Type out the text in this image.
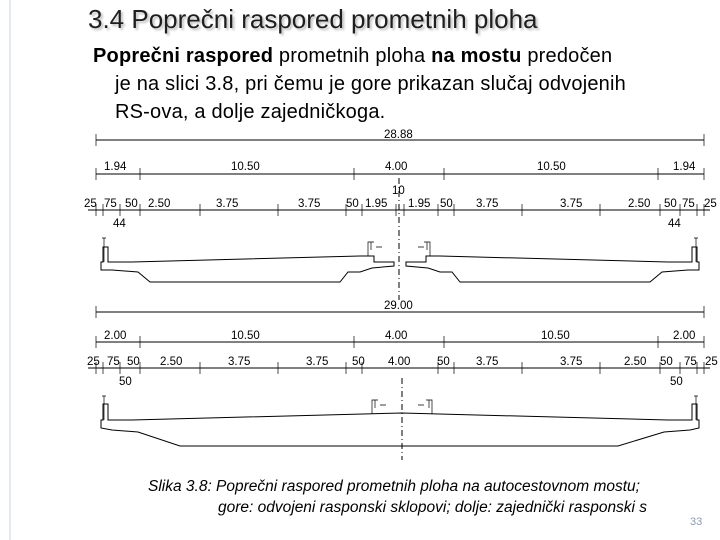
3.4 Poprečni raspored prometnih ploha
Poprečni raspored prometnih ploha na mostu predočen
je na slici 3.8, pri čemu je gore prikazan slučaj odvojenih
RS-ova, a dolje zajedničkoga.
28.88
1.94	10.50	4.00	10.50	1.94
10
25 75 50 2.50	3.75	3.75 50 1.95 1.95 50 3.75	3.75	2.50 50 75 25
44	44
29.00
2.00	10.50	4.00	10.50	2.00
25 75 50 2.50	3.75	3.75 50 4.00 50 3.75	3.75	2.50 50 75 25
50	50
Slika 3.8: Poprečni raspored prometnih ploha na autocestovnom mostu;
gore: odvojeni rasponski sklopovi; dolje: zajednički rasponski s
33
